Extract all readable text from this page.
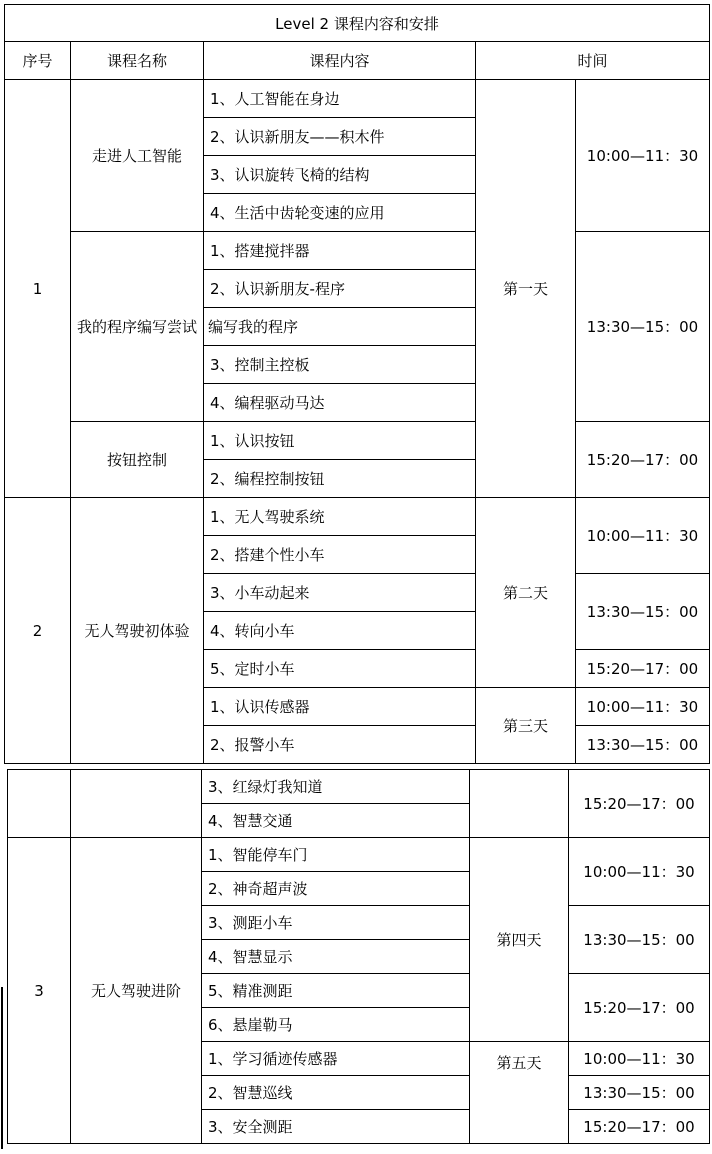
Level 2 课程内容和安排				
序号	课程名称	课程内容	时间	
1	走进人工智能	1、人工智能在身边	第一天	10:00—11：30
		2、认识新朋友——积木件		
		3、认识旋转飞椅的结构		
		4、生活中齿轮变速的应用		
	我的程序编写尝试	1、搭建搅拌器		13:30—15：00
		2、认识新朋友-程序		
		编写我的程序		
		3、控制主控板		
		4、编程驱动马达		
	按钮控制	1、认识按钮		15:20—17：00
		2、编程控制按钮		
2	无人驾驶初体验	1、无人驾驶系统	第二天	10:00—11：30
		2、搭建个性小车		
		3、小车动起来		13:30—15：00
		4、转向小车		
		5、定时小车		15:20—17：00
		1、认识传感器	第三天	10:00—11：30
		2、报警小车		13:30—15：00
		3、红绿灯我知道		15:20—17：00
		4、智慧交通		
3	无人驾驶进阶	1、智能停车门	第四天	10:00—11：30
		2、神奇超声波		
		3、测距小车		13:30—15：00
		4、智慧显示		
		5、精准测距		15:20—17：00
		6、悬崖勒马		
		1、学习循迹传感器	第五天	10:00—11：30
		2、智慧巡线		13:30—15：00
		3、安全测距		15:20—17：00
